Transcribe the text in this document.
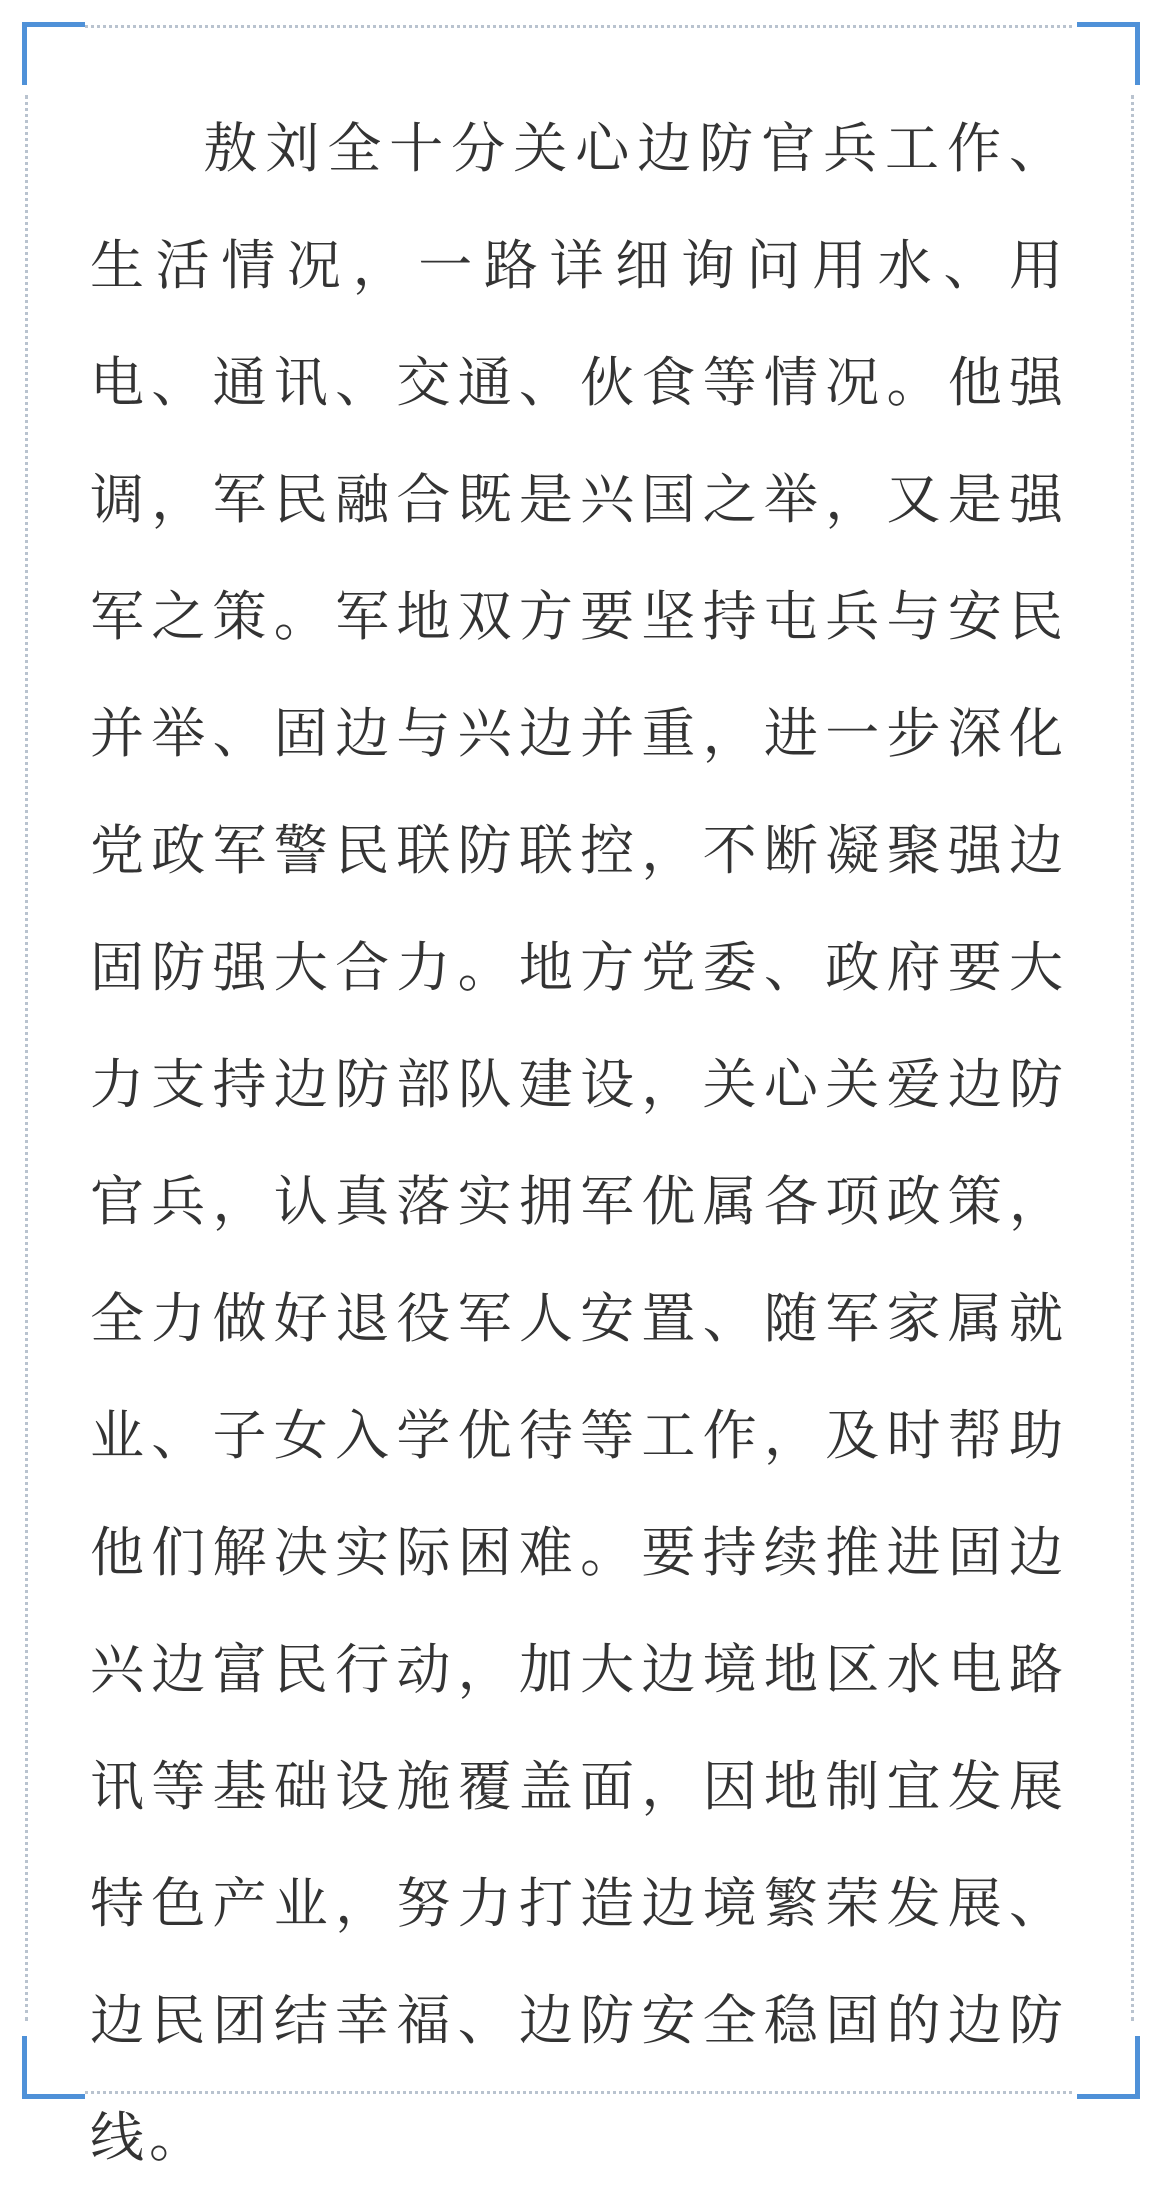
敖刘全十分关心边防官兵工作、生活情况，一路详细询问用水、用电、通讯、交通、伙食等情况。他强调，军民融合既是兴国之举，又是强军之策。军地双方要坚持屯兵与安民并举、固边与兴边并重，进一步深化党政军警民联防联控，不断凝聚强边固防强大合力。地方党委、政府要大力支持边防部队建设，关心关爱边防官兵，认真落实拥军优属各项政策，全力做好退役军人安置、随军家属就业、子女入学优待等工作，及时帮助他们解决实际困难。要持续推进固边兴边富民行动，加大边境地区水电路讯等基础设施覆盖面，因地制宜发展特色产业，努力打造边境繁荣发展、边民团结幸福、边防安全稳固的边防线。
